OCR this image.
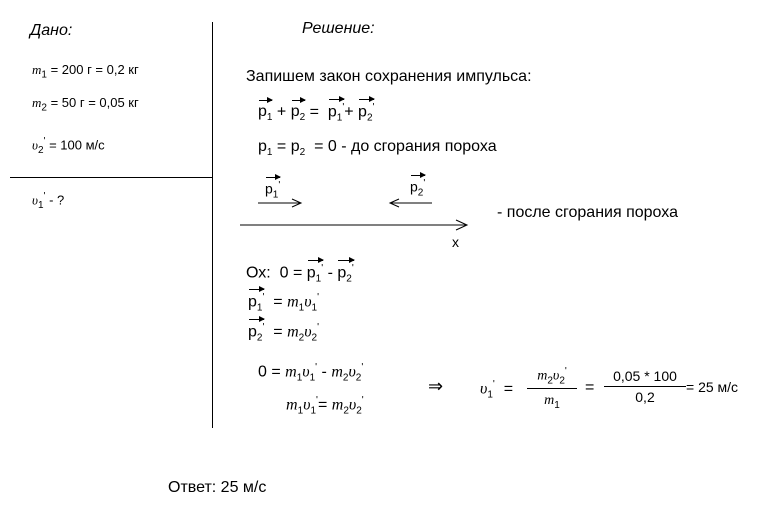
Дано:
$m_1 = 200$ г = 0,2 кг
$m_2 = 50$ г = 0,05 кг
$\upsilon_2' = 100$ м/с
$\upsilon_1'$ - ?
Решение:
Запишем закон сохранения импульса:
$p_1 + p_2 = p_1'+ p_2'$
$p_1 = p_2 = 0$ - до сгорания пороха
$p_1'$	$p_2'$
- после сгорания пороха
x
Ох:  $0 = p_1' - p_2'$
$p_1' = m_1\upsilon_1'$
$p_2' = m_2\upsilon_2'$
$0 = m_1\upsilon_1' - m_2\upsilon_2'$
$m_1\upsilon_1'= m_2\upsilon_2'$
⇒ $\upsilon_1'$  =
$m_2\upsilon_2'$
$m_1$
=
0,05 * 100
0,2
= 25 м/с
Ответ: 25 м/с
